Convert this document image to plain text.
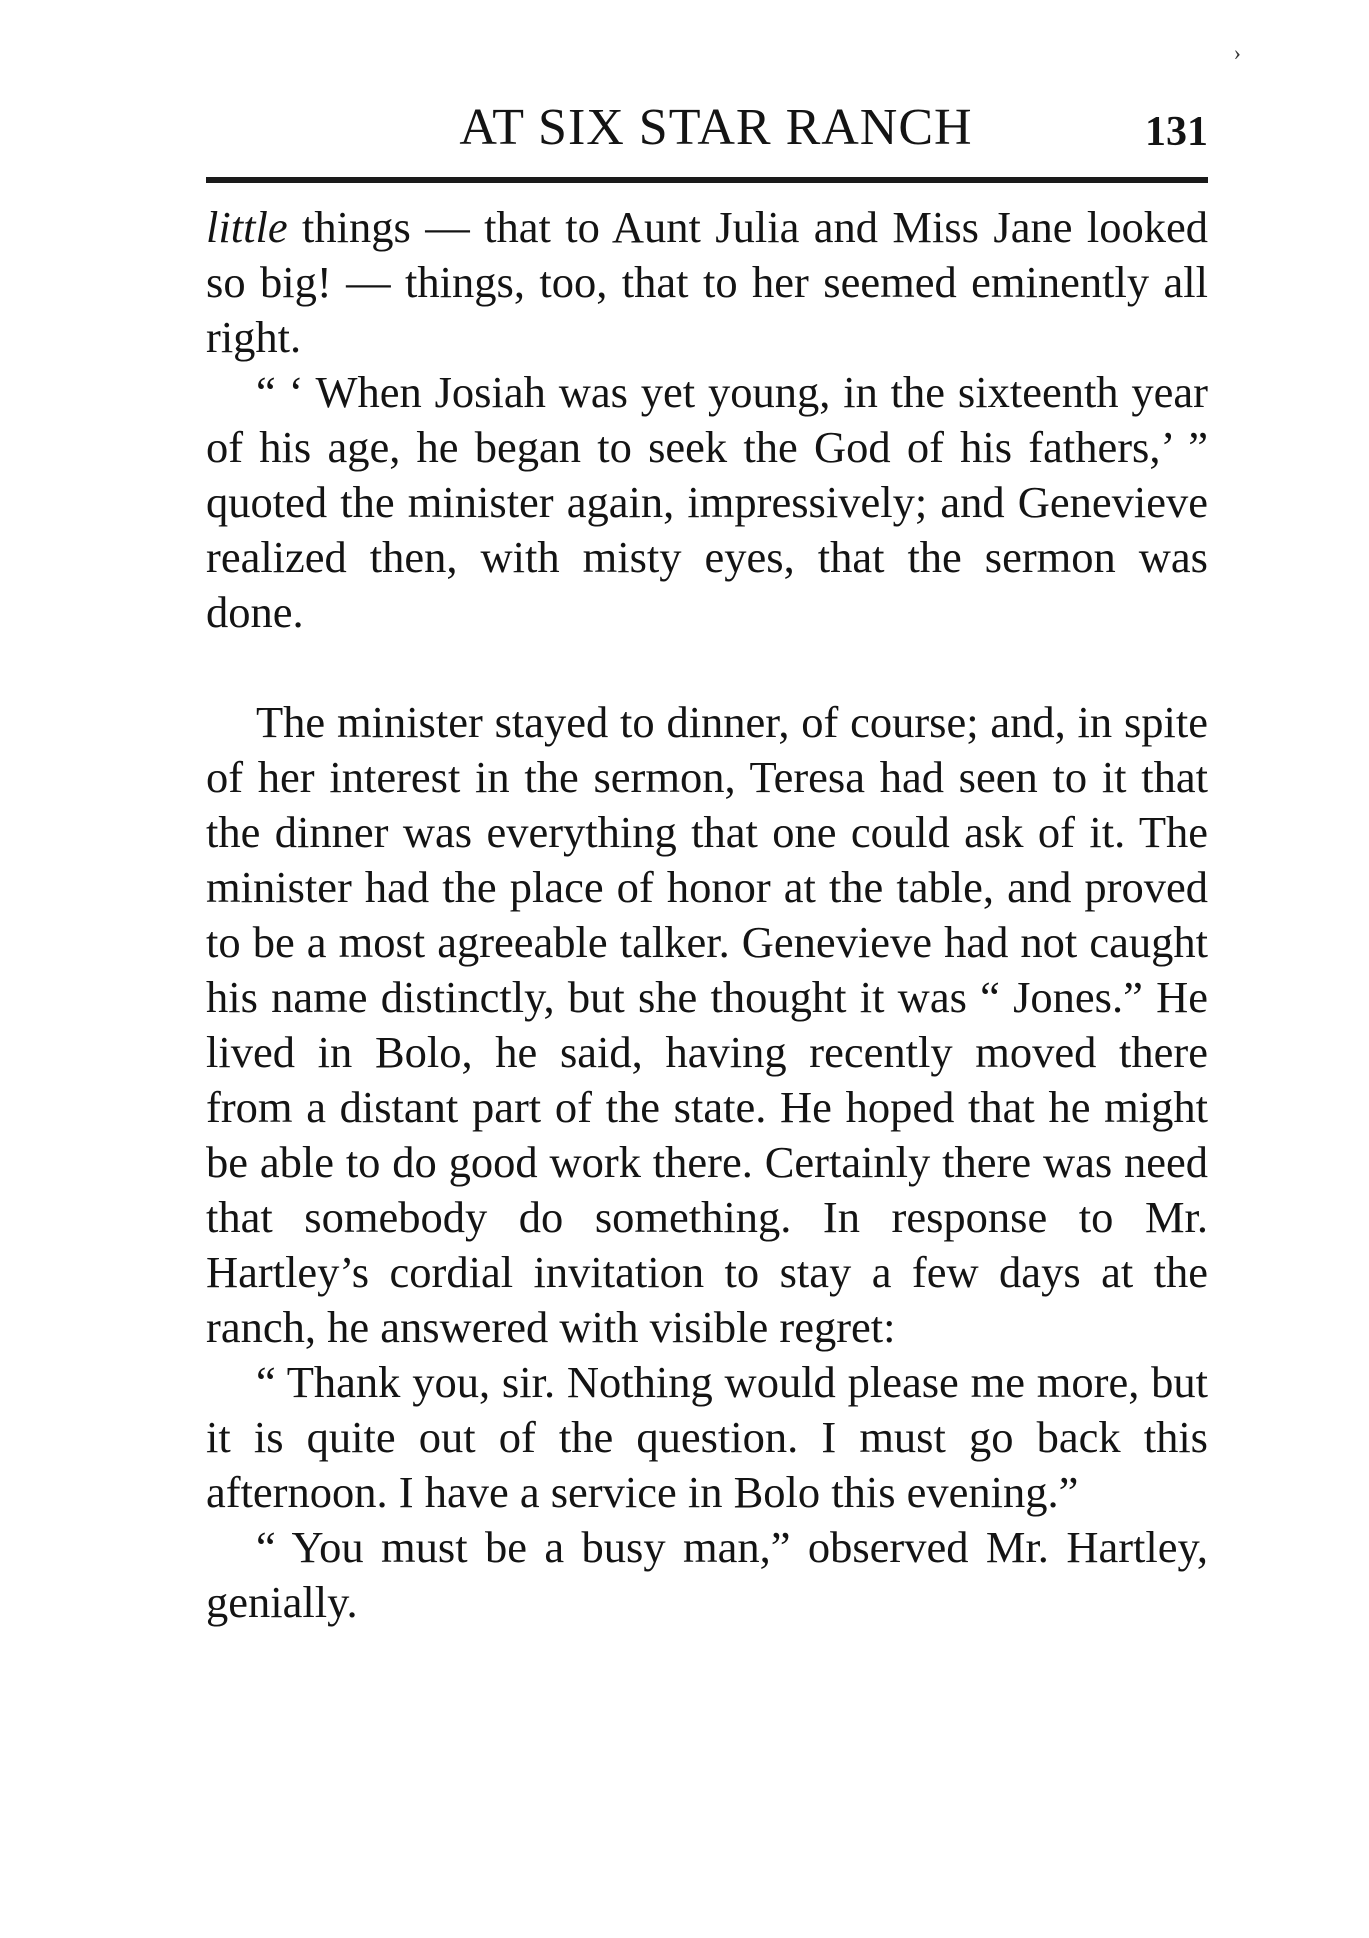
›
AT SIX STAR RANCH	131

little things — that to Aunt Julia and Miss Jane looked so big! — things, too, that to her seemed eminently all right.

“ ‘ When Josiah was yet young, in the sixteenth year of his age, he began to seek the God of his fathers,’ ” quoted the minister again, impressively; and Genevieve realized then, with misty eyes, that the sermon was done.

The minister stayed to dinner, of course; and, in spite of her interest in the sermon, Teresa had seen to it that the dinner was everything that one could ask of it. The minister had the place of honor at the table, and proved to be a most agreeable talker. Genevieve had not caught his name distinctly, but she thought it was “ Jones.” He lived in Bolo, he said, having recently moved there from a distant part of the state. He hoped that he might be able to do good work there. Certainly there was need that somebody do something. In response to Mr. Hartley’s cordial invitation to stay a few days at the ranch, he answered with visible regret:

“ Thank you, sir. Nothing would please me more, but it is quite out of the question. I must go back this afternoon. I have a service in Bolo this evening.”

“ You must be a busy man,” observed Mr. Hartley, genially.
